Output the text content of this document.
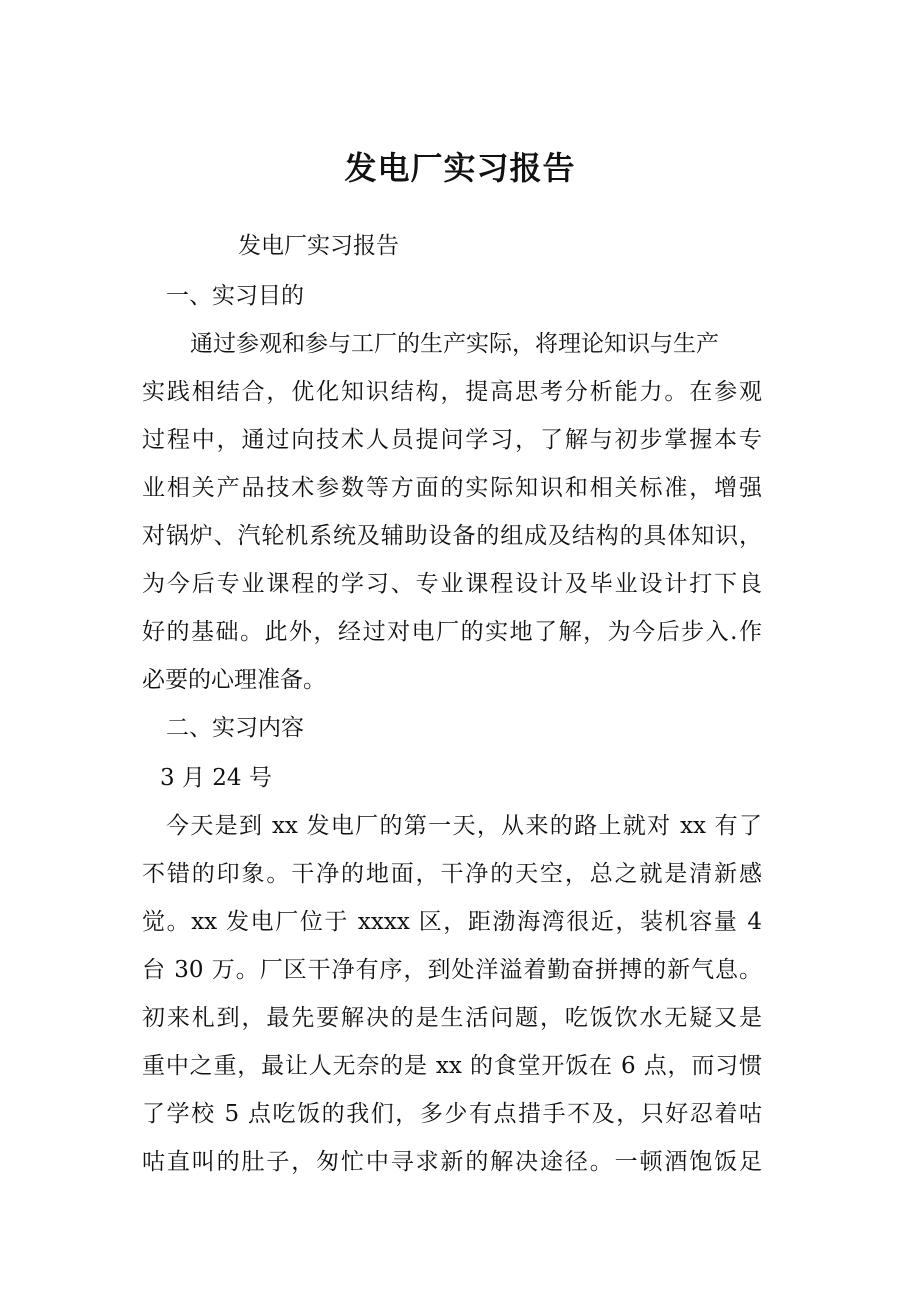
发电厂实习报告

发电厂实习报告

一、实习目的

通过参观和参与工厂的生产实际，将理论知识与生产

实践相结合，优化知识结构，提高思考分析能力。在参观

过程中，通过向技术人员提问学习，了解与初步掌握本专

业相关产品技术参数等方面的实际知识和相关标准，增强

对锅炉、汽轮机系统及辅助设备的组成及结构的具体知识，

为今后专业课程的学习、专业课程设计及毕业设计打下良

好的基础。此外，经过对电厂的实地了解，为今后步入.作

必要的心理准备。

二、实习内容

3 月 24 号

今天是到 xx 发电厂的第一天，从来的路上就对 xx 有了

不错的印象。干净的地面，干净的天空，总之就是清新感

觉。xx 发电厂位于 xxxx 区，距渤海湾很近，装机容量 4

台 30 万。厂区干净有序，到处洋溢着勤奋拼搏的新气息。

初来札到，最先要解决的是生活问题，吃饭饮水无疑又是

重中之重，最让人无奈的是 xx 的食堂开饭在 6 点，而习惯

了学校 5 点吃饭的我们，多少有点措手不及，只好忍着咕

咕直叫的肚子，匆忙中寻求新的解决途径。一顿酒饱饭足
